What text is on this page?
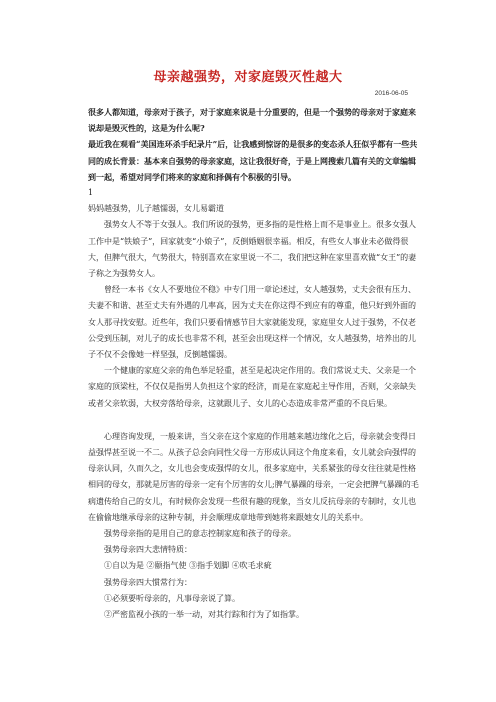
母亲越强势，对家庭毁灭性越大
2016-06-05

很多人都知道，母亲对于孩子，对于家庭来说是十分重要的，但是一个强势的母亲对于家庭来说却是毁灭性的，这是为什么呢?

最近我在观看“美国连环杀手纪录片”后，让我感到惊讶的是很多的变态杀人狂似乎都有一些共同的成长背景：基本来自强势的母亲家庭，这让我很好奇，于是上网搜索几篇有关的文章编辑到一起，希望对同学们将来的家庭和择偶有个积极的引导。

1

妈妈越强势，儿子越懦弱，女儿易霸道

强势女人不等于女强人。我们所说的强势，更多指的是性格上而不是事业上。很多女强人工作中是“铁娘子”，回家就变“小娘子”，反倒婚姻很幸福。相反，有些女人事业未必做得很大，但脾气很大，气势很大，特别喜欢在家里说一不二，我们把这种在家里喜欢做“女王”的妻子称之为强势女人。

曾经一本书《女人不要地位不稳》中专门用一章论述过，女人越强势，丈夫会很有压力、夫妻不和谐、甚至丈夫有外遇的几率高，因为丈夫在你这得不到应有的尊重，他只好到外面的女人那寻找安慰。近些年，我们只要看情感节目大家就能发现，家庭里女人过于强势，不仅老公受到压制，对儿子的成长也非常不利，甚至会出现这样一个情况，女人越强势，培养出的儿子不仅不会像她一样坚强，反倒越懦弱。

一个健康的家庭父亲的角色举足轻重，甚至是起决定作用的。我们常说丈夫、父亲是一个家庭的顶梁柱，不仅仅是指男人负担这个家的经济，而是在家庭起主导作用，否则，父亲缺失或者父亲软弱，大权旁落给母亲，这就跟儿子、女儿的心态造成非常严重的不良后果。

心理咨询发现，一般来讲，当父亲在这个家庭的作用越来越边缘化之后，母亲就会变得日益强悍甚至说一不二。从孩子总会向同性父母一方形成认同这个角度来看，女儿就会向强悍的母亲认同，久而久之，女儿也会变成强悍的女儿，很多家庭中，关系紧张的母女往往就是性格相同的母女，那就是厉害的母亲一定有个厉害的女儿;脾气暴躁的母亲，一定会把脾气暴躁的毛病遗传给自己的女儿，有时候你会发现一些很有趣的现象，当女儿反抗母亲的专制时，女儿也在偷偷地继承母亲的这种专制，并会顺理成章地带到她将来跟她女儿的关系中。

强势母亲指的是用自己的意志控制家庭和孩子的母亲。

强势母亲四大悲情特质：

①自以为是 ②颐指气使 ③指手划脚 ④吹毛求疵

强势母亲四大惯常行为：

①必须要听母亲的，凡事母亲说了算。

②严密监视小孩的一举一动，对其行踪和行为了如指掌。
